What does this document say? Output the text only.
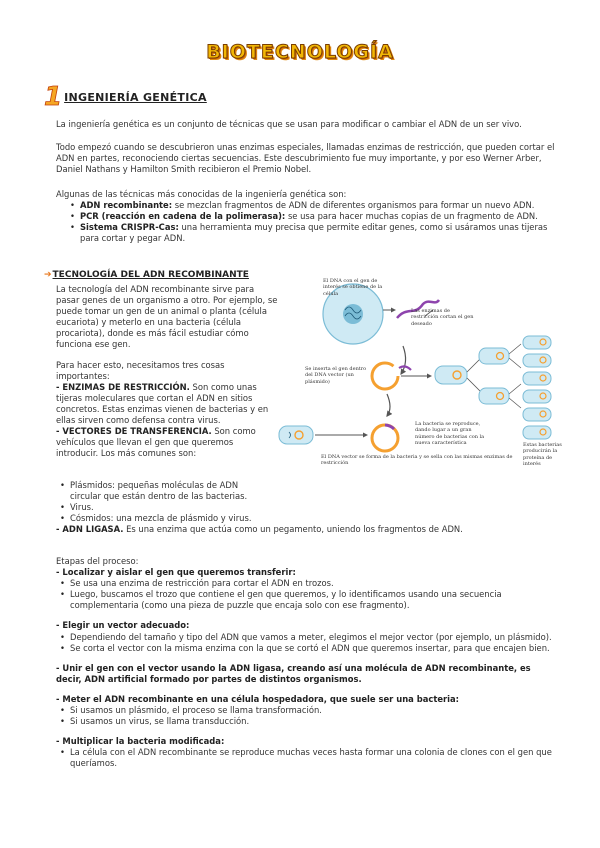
BIOTECNOLOGÍA
1 INGENIERÍA GENÉTICA

La ingeniería genética es un conjunto de técnicas que se usan para modificar o cambiar el ADN de un ser vivo.

Todo empezó cuando se descubrieron unas enzimas especiales, llamadas enzimas de restricción, que pueden cortar el ADN en partes, reconociendo ciertas secuencias. Este descubrimiento fue muy importante, y por eso Werner Arber, Daniel Nathans y Hamilton Smith recibieron el Premio Nobel.

Algunas de las técnicas más conocidas de la ingeniería genética son:

• ADN recombinante: se mezclan fragmentos de ADN de diferentes organismos para formar un nuevo ADN.
• PCR (reacción en cadena de la polimerasa): se usa para hacer muchas copias de un fragmento de ADN.
• Sistema CRISPR-Cas: una herramienta muy precisa que permite editar genes, como si usáramos unas tijeras para cortar y pegar ADN.
➔ TECNOLOGÍA DEL ADN RECOMBINANTE

La tecnología del ADN recombinante sirve para pasar genes de un organismo a otro. Por ejemplo, se puede tomar un gen de un animal o planta (célula eucariota) y meterlo en una bacteria (célula procariota), donde es más fácil estudiar cómo funciona ese gen.

Para hacer esto, necesitamos tres cosas importantes:

- ENZIMAS DE RESTRICCIÓN. Son como unas tijeras moleculares que cortan el ADN en sitios concretos. Estas enzimas vienen de bacterias y en ellas sirven como defensa contra virus.

- VECTORES DE TRANSFERENCIA. Son como vehículos que llevan el gen que queremos introducir. Los más comunes son:

• Plásmidos: pequeñas moléculas de ADN circular que están dentro de las bacterias.
• Virus.
• Cósmidos: una mezcla de plásmido y virus.

- ADN LIGASA. Es una enzima que actúa como un pegamento, uniendo los fragmentos de ADN.

Etapas del proceso:

- Localizar y aislar el gen que queremos transferir:

• Se usa una enzima de restricción para cortar el ADN en trozos.
• Luego, buscamos el trozo que contiene el gen que queremos, y lo identificamos usando una secuencia complementaria (como una pieza de puzzle que encaja solo con ese fragmento).

- Elegir un vector adecuado:

• Dependiendo del tamaño y tipo del ADN que vamos a meter, elegimos el mejor vector (por ejemplo, un plásmido).
• Se corta el vector con la misma enzima con la que se cortó el ADN que queremos insertar, para que encajen bien.

- Unir el gen con el vector usando la ADN ligasa, creando así una molécula de ADN recombinante, es decir, ADN artificial formado por partes de distintos organismos.

- Meter el ADN recombinante en una célula hospedadora, que suele ser una bacteria:

• Si usamos un plásmido, el proceso se llama transformación.
• Si usamos un virus, se llama transducción.

- Multiplicar la bacteria modificada:

• La célula con el ADN recombinante se reproduce muchas veces hasta formar una colonia de clones con el gen que queríamos.
El DNA con el gen de interés se obtiene de la célula
Las enzimas de restricción cortan el gen deseado
Se inserta el gen dentro del DNA vector (un plásmido)
La bacteria se reproduce, dando lugar a un gran número de bacterias con la nueva característica	Estas bacterias producirán la proteína de interés
El DNA vector se forma de la bacteria y se sella con las mismas enzimas de restricción
